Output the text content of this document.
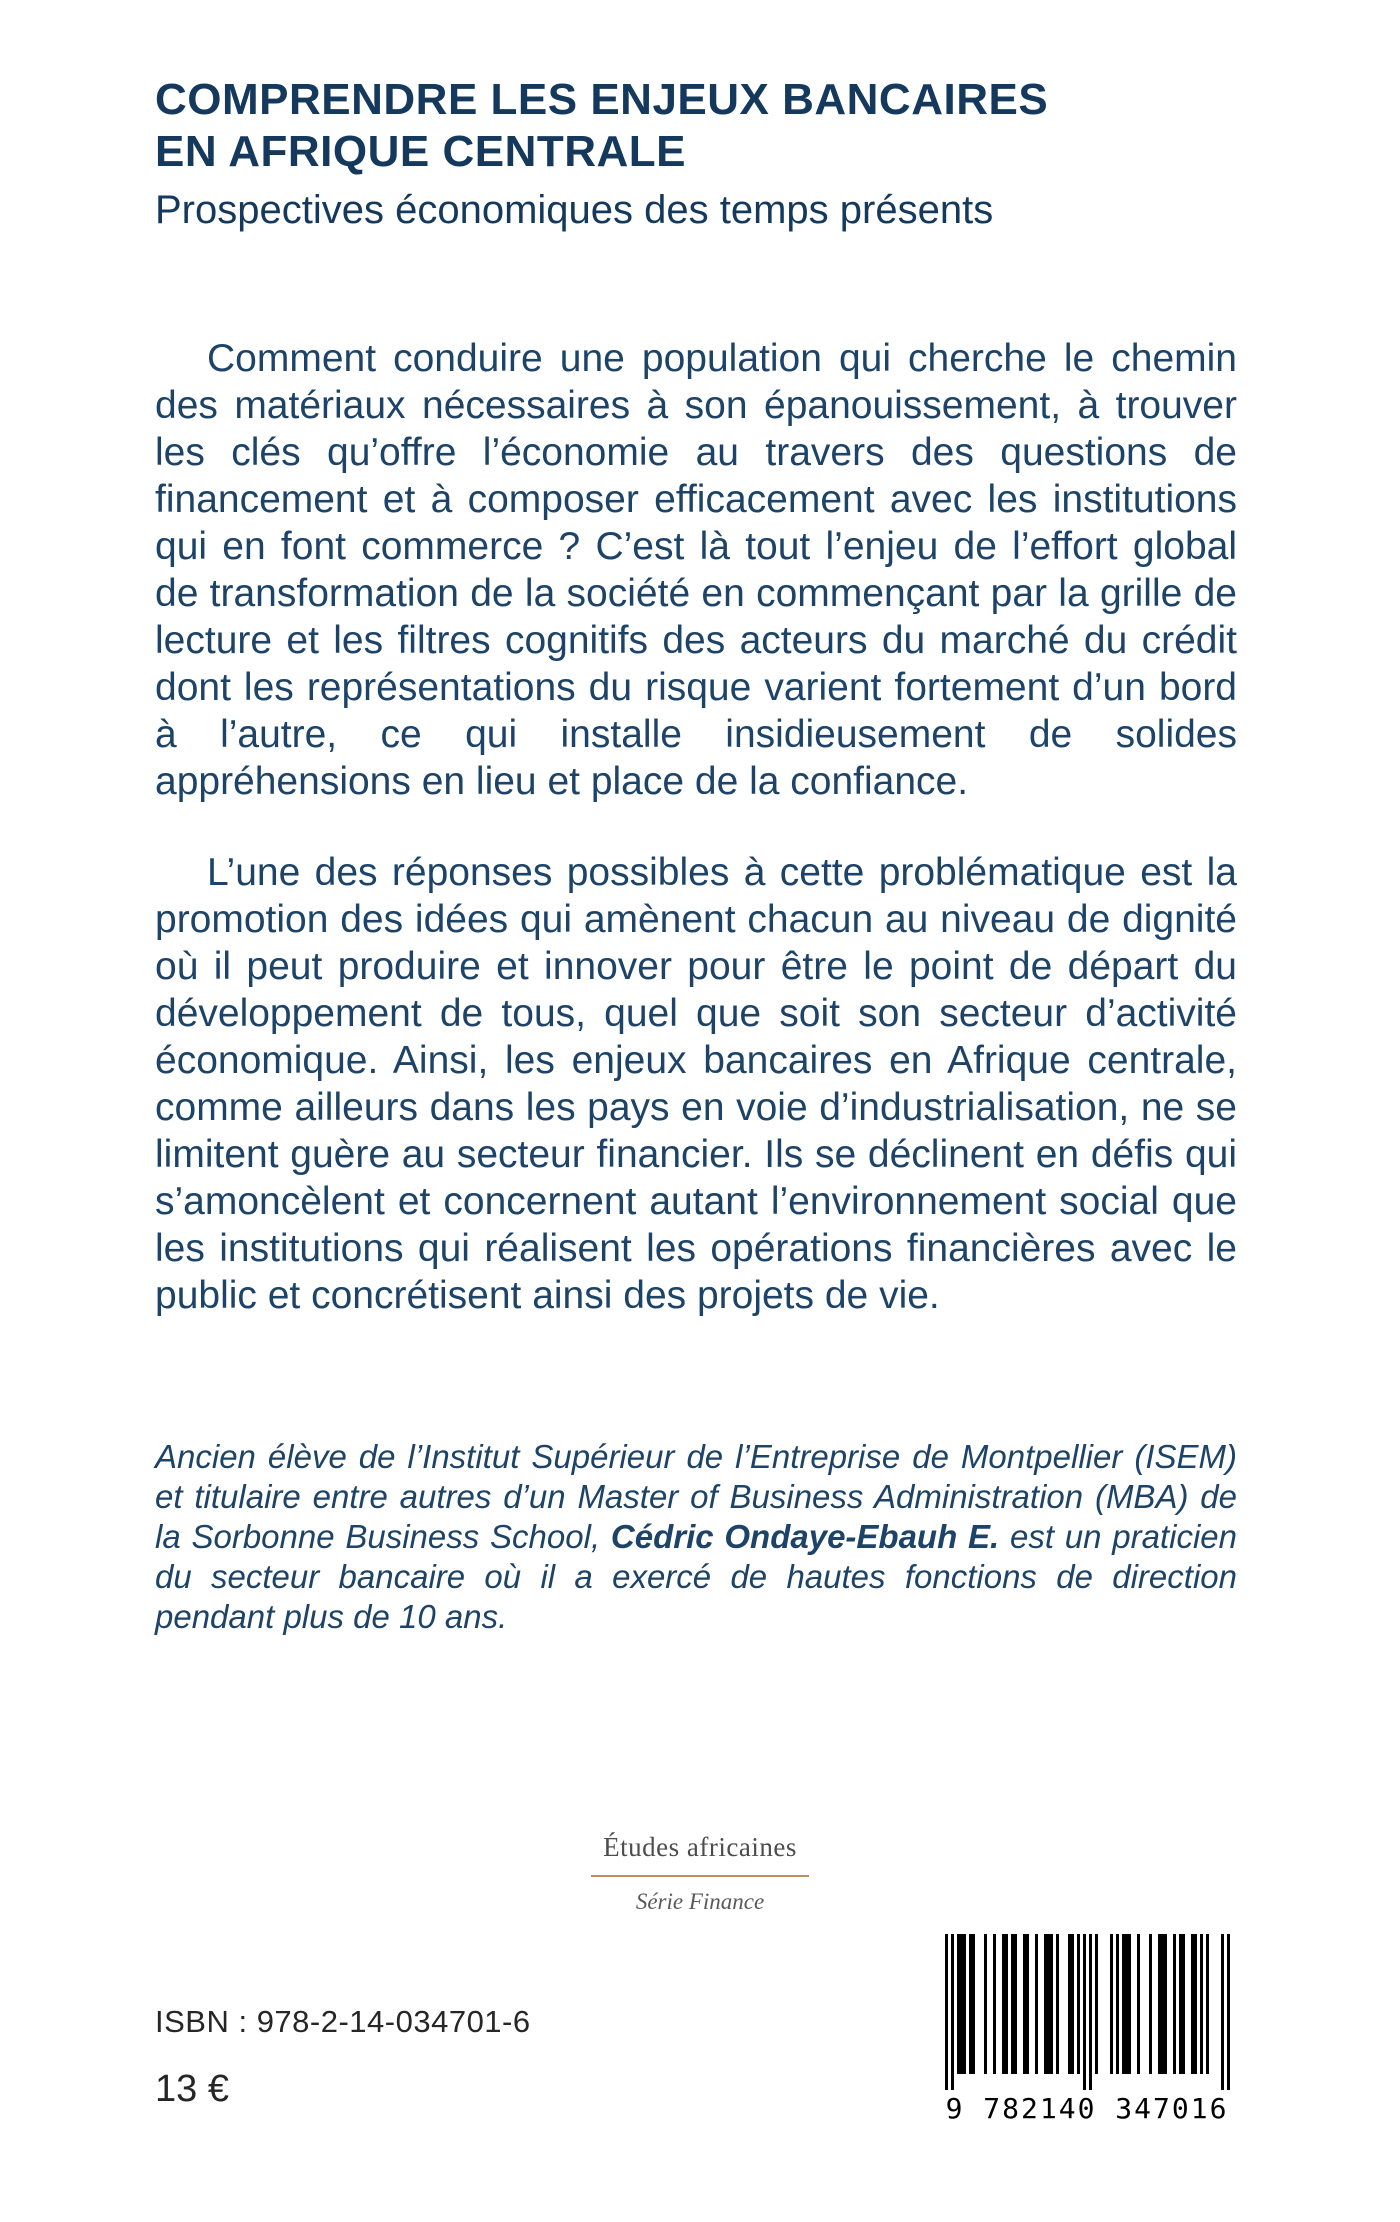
COMPRENDRE LES ENJEUX BANCAIRES
EN AFRIQUE CENTRALE
Prospectives économiques des temps présents

Comment conduire une population qui cherche le chemin des matériaux nécessaires à son épanouissement, à trouver les clés qu’offre l’économie au travers des questions de financement et à composer efficacement avec les institutions qui en font commerce ? C’est là tout l’enjeu de l’effort global de transformation de la société en commençant par la grille de lecture et les filtres cognitifs des acteurs du marché du crédit dont les représentations du risque varient fortement d’un bord à l’autre, ce qui installe insidieusement de solides appréhensions en lieu et place de la confiance.

L’une des réponses possibles à cette problématique est la promotion des idées qui amènent chacun au niveau de dignité où il peut produire et innover pour être le point de départ du développement de tous, quel que soit son secteur d’activité économique. Ainsi, les enjeux bancaires en Afrique centrale, comme ailleurs dans les pays en voie d’industrialisation, ne se limitent guère au secteur financier. Ils se déclinent en défis qui s’amoncèlent et concernent autant l’environnement social que les institutions qui réalisent les opérations financières avec le public et concrétisent ainsi des projets de vie.

Ancien élève de l’Institut Supérieur de l’Entreprise de Montpellier (ISEM) et titulaire entre autres d’un Master of Business Administration (MBA) de la Sorbonne Business School, Cédric Ondaye-Ebauh E. est un praticien du secteur bancaire où il a exercé de hautes fonctions de direction pendant plus de 10 ans.

Études africaines
Série Finance
ISBN : 978-2-14-034701-6
13 €	9 782140 347016
